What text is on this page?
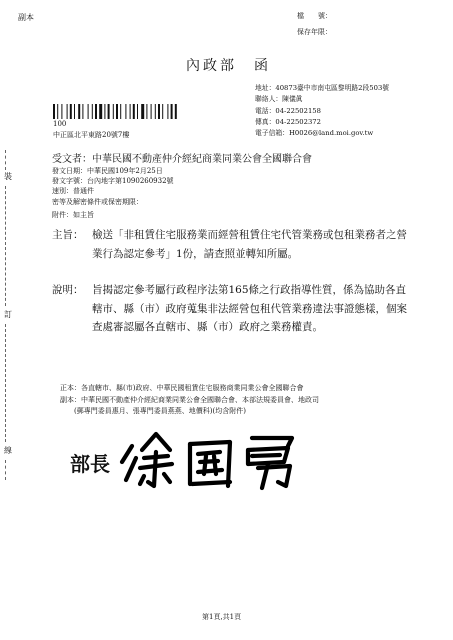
副本	檔　　號：
保存年限：
內政部　函
地址：40873臺中市南屯區黎明路2段503號
聯絡人：陳儀眞
電話：04-22502158
傳真：04-22502372
電子信箱：H0026@land.moi.gov.tw
100
中正區北平東路20號7樓
受文者：中華民國不動產仲介經紀商業同業公會全國聯合會
發文日期：中華民國109年2月25日
發文字號：台內地字第1090260932號
速別：普通件
密等及解密條件或保密期限：
附件：如主旨
主旨： 檢送「非租賃住宅服務業而經營租賃住宅代管業務或包租業務者之營業行為認定參考」1份，請查照並轉知所屬。
說明： 旨揭認定參考屬行政程序法第165條之行政指導性質，係為協助各直轄市、縣（市）政府蒐集非法經營包租代管業務違法事證態樣，個案查處審認屬各直轄市、縣（市）政府之業務權責。
正本：各直轄市、縣(市)政府、中華民國租賃住宅服務商業同業公會全國聯合會
副本：中華民國不動產仲介經紀商業同業公會全國聯合會、本部法規委員會、地政司
　　(郵專門委員惠月、張專門委員燕燕、地價科)(均含附件)
部長
第1頁,共1頁
裝
訂
線
